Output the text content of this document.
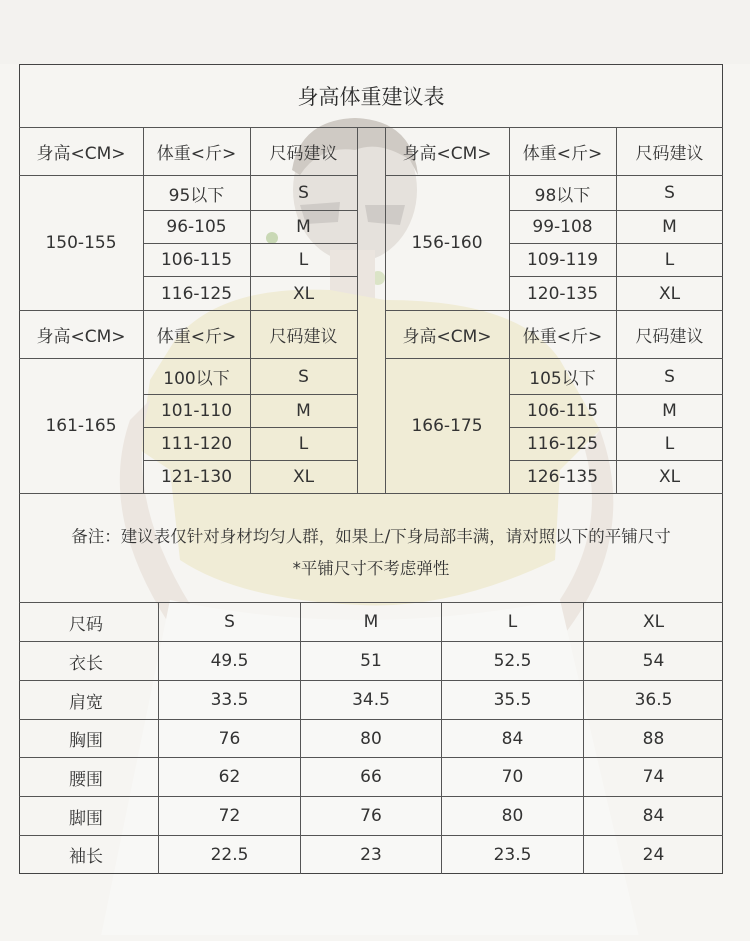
身高体重建议表
身高<CM>	体重<斤>	尺码建议
150-155
95以下	S
96-105	M
106-115	L
116-125	XL
身高<CM>	体重<斤>	尺码建议
156-160
98以下	S
99-108	M
109-119	L
120-135	XL
身高<CM>	体重<斤>	尺码建议
161-165
100以下	S
101-110	M
111-120	L
121-130	XL
身高<CM>	体重<斤>	尺码建议
166-175
105以下	S
106-115	M
116-125	L
126-135	XL
备注：建议表仅针对身材均匀人群，如果上/下身局部丰满，请对照以下的平铺尺寸
*平铺尺寸不考虑弹性
尺码	S	M	L	XL
衣长	49.5	51	52.5	54
肩宽	33.5	34.5	35.5	36.5
胸围	76	80	84	88
腰围	62	66	70	74
脚围	72	76	80	84
袖长	22.5	23	23.5	24
